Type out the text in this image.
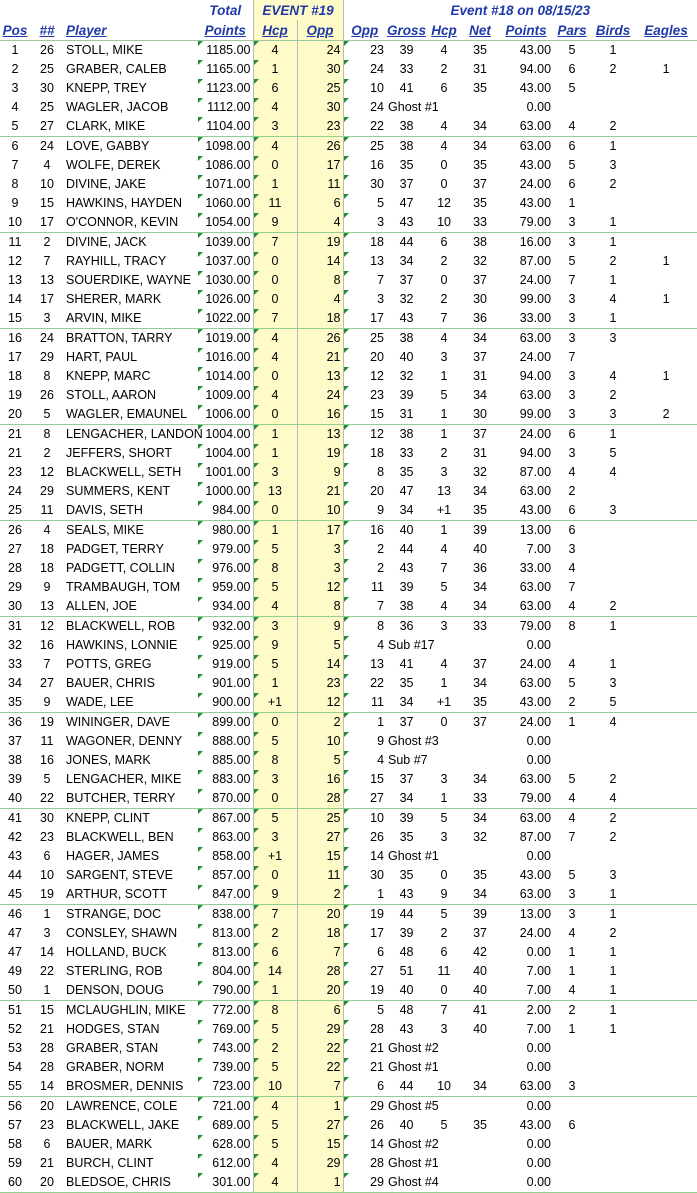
			Total	EVENT #19		Event #18 on 08/15/23							
Pos	##	Player	Points	Hcp	Opp	Opp	Gross	Hcp	Net	Points	Pars	Birds	Eagles
1	26	STOLL, MIKE	1185.00	4	24	23	39	4	35	43.00	5	1	
2	25	GRABER, CALEB	1165.00	1	30	24	33	2	31	94.00	6	2	1
3	30	KNEPP, TREY	1123.00	6	25	10	41	6	35	43.00	5		
4	25	WAGLER, JACOB	1112.00	4	30	24	Ghost #1			0.00			
5	27	CLARK, MIKE	1104.00	3	23	22	38	4	34	63.00	4	2	
6	24	LOVE, GABBY	1098.00	4	26	25	38	4	34	63.00	6	1	
7	4	WOLFE, DEREK	1086.00	0	17	16	35	0	35	43.00	5	3	
8	10	DIVINE, JAKE	1071.00	1	11	30	37	0	37	24.00	6	2	
9	15	HAWKINS, HAYDEN	1060.00	11	6	5	47	12	35	43.00	1		
10	17	O'CONNOR, KEVIN	1054.00	9	4	3	43	10	33	79.00	3	1	
11	2	DIVINE, JACK	1039.00	7	19	18	44	6	38	16.00	3	1	
12	7	RAYHILL, TRACY	1037.00	0	14	13	34	2	32	87.00	5	2	1
13	13	SOUERDIKE, WAYNE	1030.00	0	8	7	37	0	37	24.00	7	1	
14	17	SHERER, MARK	1026.00	0	4	3	32	2	30	99.00	3	4	1
15	3	ARVIN, MIKE	1022.00	7	18	17	43	7	36	33.00	3	1	
16	24	BRATTON, TARRY	1019.00	4	26	25	38	4	34	63.00	3	3	
17	29	HART, PAUL	1016.00	4	21	20	40	3	37	24.00	7		
18	8	KNEPP, MARC	1014.00	0	13	12	32	1	31	94.00	3	4	1
19	26	STOLL, AARON	1009.00	4	24	23	39	5	34	63.00	3	2	
20	5	WAGLER, EMAUNEL	1006.00	0	16	15	31	1	30	99.00	3	3	2
21	8	LENGACHER, LANDON	1004.00	1	13	12	38	1	37	24.00	6	1	
21	2	JEFFERS, SHORT	1004.00	1	19	18	33	2	31	94.00	3	5	
23	12	BLACKWELL, SETH	1001.00	3	9	8	35	3	32	87.00	4	4	
24	29	SUMMERS, KENT	1000.00	13	21	20	47	13	34	63.00	2		
25	11	DAVIS, SETH	984.00	0	10	9	34	+1	35	43.00	6	3	
26	4	SEALS, MIKE	980.00	1	17	16	40	1	39	13.00	6		
27	18	PADGET, TERRY	979.00	5	3	2	44	4	40	7.00	3		
28	18	PADGETT, COLLIN	976.00	8	3	2	43	7	36	33.00	4		
29	9	TRAMBAUGH, TOM	959.00	5	12	11	39	5	34	63.00	7		
30	13	ALLEN, JOE	934.00	4	8	7	38	4	34	63.00	4	2	
31	12	BLACKWELL, ROB	932.00	3	9	8	36	3	33	79.00	8	1	
32	16	HAWKINS, LONNIE	925.00	9	5	4	Sub #17			0.00			
33	7	POTTS, GREG	919.00	5	14	13	41	4	37	24.00	4	1	
34	27	BAUER, CHRIS	901.00	1	23	22	35	1	34	63.00	5	3	
35	9	WADE, LEE	900.00	+1	12	11	34	+1	35	43.00	2	5	
36	19	WININGER, DAVE	899.00	0	2	1	37	0	37	24.00	1	4	
37	11	WAGONER, DENNY	888.00	5	10	9	Ghost #3			0.00			
38	16	JONES, MARK	885.00	8	5	4	Sub #7			0.00			
39	5	LENGACHER, MIKE	883.00	3	16	15	37	3	34	63.00	5	2	
40	22	BUTCHER, TERRY	870.00	0	28	27	34	1	33	79.00	4	4	
41	30	KNEPP, CLINT	867.00	5	25	10	39	5	34	63.00	4	2	
42	23	BLACKWELL, BEN	863.00	3	27	26	35	3	32	87.00	7	2	
43	6	HAGER, JAMES	858.00	+1	15	14	Ghost #1			0.00			
44	10	SARGENT, STEVE	857.00	0	11	30	35	0	35	43.00	5	3	
45	19	ARTHUR, SCOTT	847.00	9	2	1	43	9	34	63.00	3	1	
46	1	STRANGE, DOC	838.00	7	20	19	44	5	39	13.00	3	1	
47	3	CONSLEY, SHAWN	813.00	2	18	17	39	2	37	24.00	4	2	
47	14	HOLLAND, BUCK	813.00	6	7	6	48	6	42	0.00	1	1	
49	22	STERLING, ROB	804.00	14	28	27	51	11	40	7.00	1	1	
50	1	DENSON, DOUG	790.00	1	20	19	40	0	40	7.00	4	1	
51	15	MCLAUGHLIN, MIKE	772.00	8	6	5	48	7	41	2.00	2	1	
52	21	HODGES, STAN	769.00	5	29	28	43	3	40	7.00	1	1	
53	28	GRABER, STAN	743.00	2	22	21	Ghost #2			0.00			
54	28	GRABER, NORM	739.00	5	22	21	Ghost #1			0.00			
55	14	BROSMER, DENNIS	723.00	10	7	6	44	10	34	63.00	3		
56	20	LAWRENCE, COLE	721.00	4	1	29	Ghost #5			0.00			
57	23	BLACKWELL, JAKE	689.00	5	27	26	40	5	35	43.00	6		
58	6	BAUER, MARK	628.00	5	15	14	Ghost #2			0.00			
59	21	BURCH, CLINT	612.00	4	29	28	Ghost #1			0.00			
60	20	BLEDSOE, CHRIS	301.00	4	1	29	Ghost #4			0.00			
